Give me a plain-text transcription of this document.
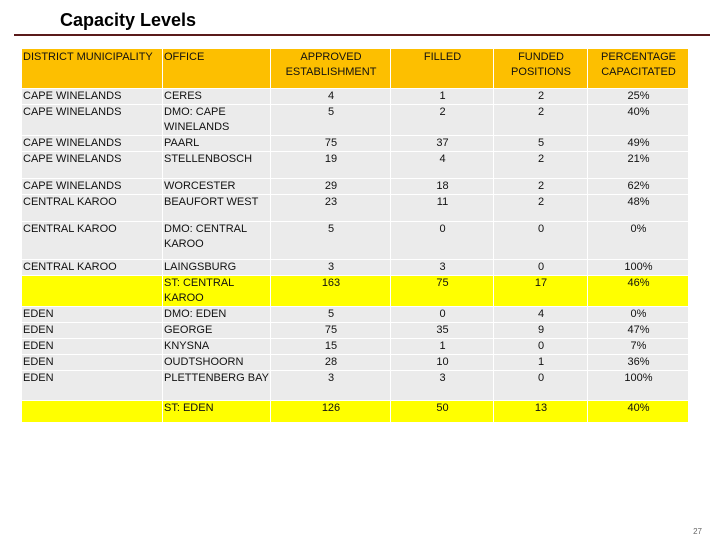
Capacity Levels
DISTRICT MUNICIPALITY	OFFICE	APPROVED ESTABLISHMENT	FILLED	FUNDED POSITIONS	PERCENTAGE CAPACITATED
CAPE WINELANDS	CERES	4	1	2	25%
CAPE WINELANDS	DMO: CAPE WINELANDS	5	2	2	40%
CAPE WINELANDS	PAARL	75	37	5	49%
CAPE WINELANDS	STELLENBOSCH	19	4	2	21%
CAPE WINELANDS	WORCESTER	29	18	2	62%
CENTRAL KAROO	BEAUFORT WEST	23	11	2	48%
CENTRAL KAROO	DMO: CENTRAL KAROO	5	0	0	0%
CENTRAL KAROO	LAINGSBURG	3	3	0	100%
	ST: CENTRAL KAROO	163	75	17	46%
EDEN	DMO: EDEN	5	0	4	0%
EDEN	GEORGE	75	35	9	47%
EDEN	KNYSNA	15	1	0	7%
EDEN	OUDTSHOORN	28	10	1	36%
EDEN	PLETTENBERG BAY	3	3	0	100%
	ST: EDEN	126	50	13	40%
27
